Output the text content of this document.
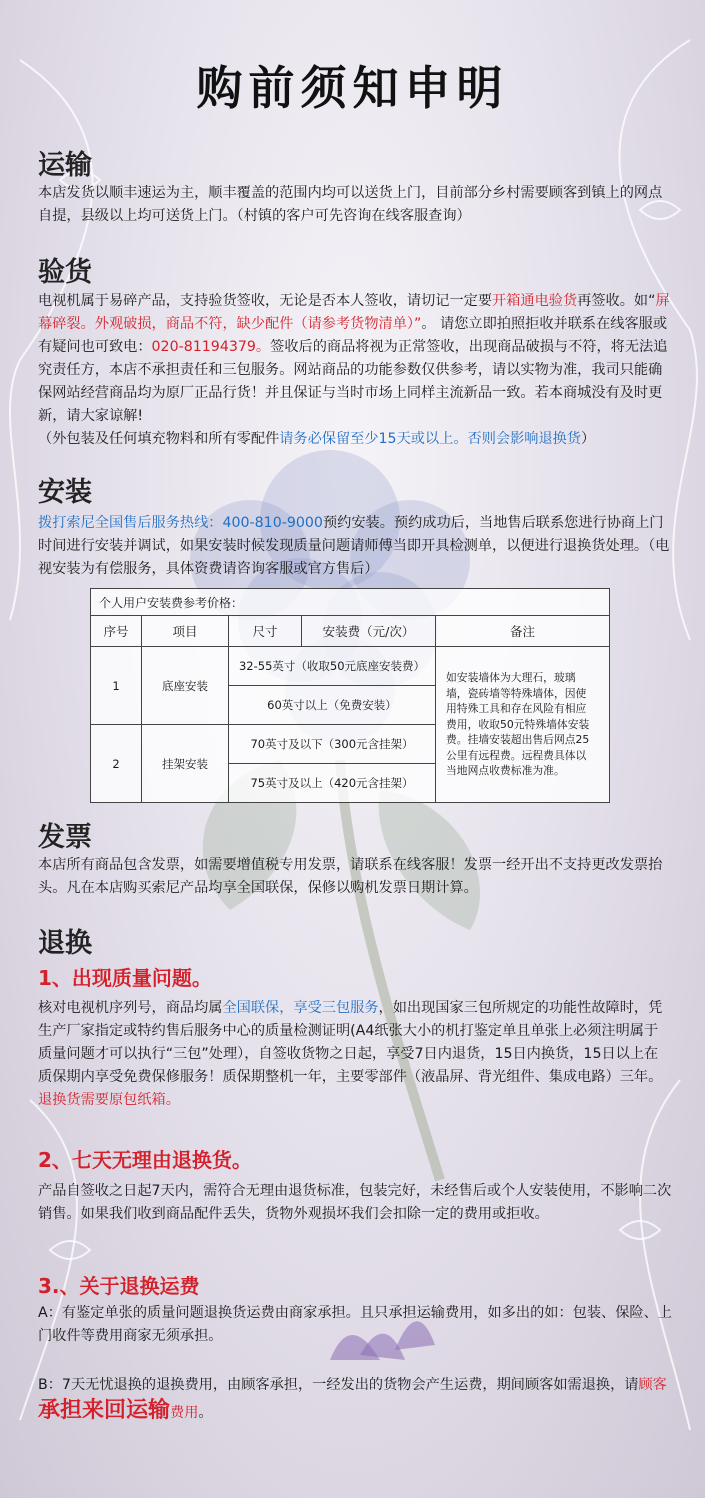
购前须知申明
运输
本店发货以顺丰速运为主，顺丰覆盖的范围内均可以送货上门，目前部分乡村需要顾客到镇上的网点自提，县级以上均可送货上门。（村镇的客户可先咨询在线客服查询）
验货
电视机属于易碎产品，支持验货签收，无论是否本人签收，请切记一定要开箱通电验货再签收。如“屏幕碎裂。外观破损，商品不符，缺少配件（请参考货物清单）”。 请您立即拍照拒收并联系在线客服或有疑问也可致电：020-81194379。签收后的商品将视为正常签收，出现商品破损与不符，将无法追究责任方，本店不承担责任和三包服务。网站商品的功能参数仅供参考，请以实物为准，我司只能确保网站经营商品均为原厂正品行货！并且保证与当时市场上同样主流新品一致。若本商城没有及时更新，请大家谅解!
（外包装及任何填充物料和所有零配件请务必保留至少15天或以上。否则会影响退换货）
安装
拨打索尼全国售后服务热线：400-810-9000预约安装。预约成功后，当地售后联系您进行协商上门时间进行安装并调试，如果安装时候发现质量问题请师傅当即开具检测单，以便进行退换货处理。（电视安装为有偿服务，具体资费请咨询客服或官方售后）
个人用户安装费参考价格：				
序号	项目	尺寸	安装费（元/次）	备注
1	底座安装	32-55英寸（收取50元底座安装费）		如安装墙体为大理石，玻璃墙，瓷砖墙等特殊墙体，因使用特殊工具和存在风险有相应费用，收取50元特殊墙体安装费。挂墙安装超出售后网点25公里有远程费。远程费具体以当地网点收费标准为准。
		60英寸以上（免费安装）		
2	挂架安装	70英寸及以下（300元含挂架）		
		75英寸及以上（420元含挂架）		
发票
本店所有商品包含发票，如需要增值税专用发票，请联系在线客服！发票一经开出不支持更改发票抬头。凡在本店购买索尼产品均享全国联保，保修以购机发票日期计算。
退换
1、出现质量问题。
核对电视机序列号，商品均属全国联保，享受三包服务，如出现国家三包所规定的功能性故障时，凭生产厂家指定或特约售后服务中心的质量检测证明(A4纸张大小的机打鉴定单且单张上必须注明属于质量问题才可以执行“三包”处理），自签收货物之日起，享受7日内退货，15日内换货，15日以上在质保期内享受免费保修服务！质保期整机一年，主要零部件（液晶屏、背光组件、集成电路）三年。退换货需要原包纸箱。
2、七天无理由退换货。
产品自签收之日起7天内，需符合无理由退货标准，包装完好，未经售后或个人安装使用，不影响二次销售。如果我们收到商品配件丢失，货物外观损坏我们会扣除一定的费用或拒收。
3.、关于退换运费
A：有鉴定单张的质量问题退换货运费由商家承担。且只承担运输费用，如多出的如：包装、保险、上门收件等费用商家无须承担。
B：7天无忧退换的退换费用，由顾客承担，一经发出的货物会产生运费，期间顾客如需退换，请顾客承担来回运输费用。
